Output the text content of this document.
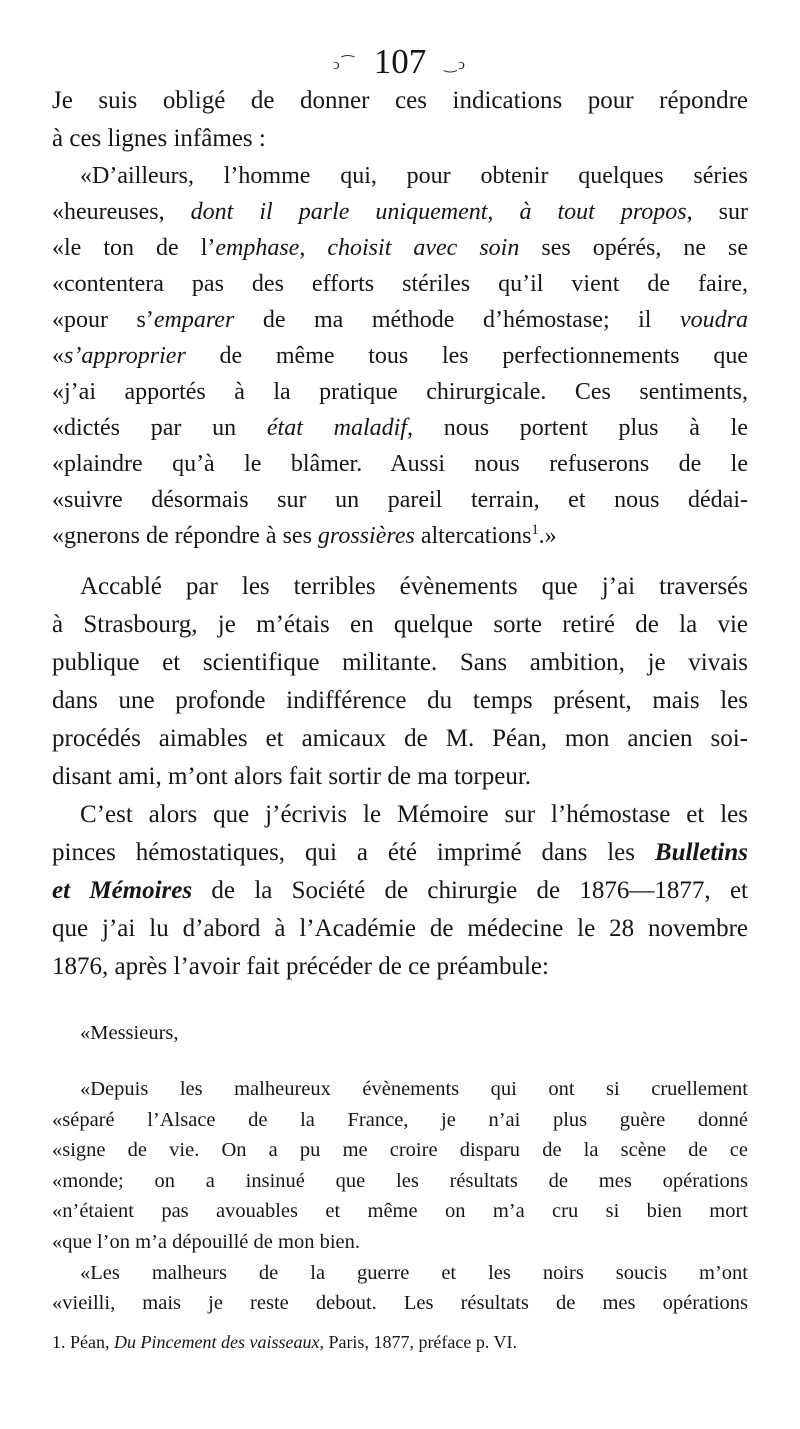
ↄ⁀ 107 ‿ↄ
Je suis obligé de donner ces indications pour répondre
à ces lignes infâmes :
«D’ailleurs, l’homme qui, pour obtenir quelques séries
«heureuses, dont il parle uniquement, à tout propos, sur
«le ton de l’emphase, choisit avec soin ses opérés, ne se
«contentera pas des efforts stériles qu’il vient de faire,
«pour s’emparer de ma méthode d’hémostase; il voudra
«s’approprier de même tous les perfectionnements que
«j’ai apportés à la pratique chirurgicale. Ces sentiments,
«dictés par un état maladif, nous portent plus à le
«plaindre qu’à le blâmer. Aussi nous refuserons de le
«suivre désormais sur un pareil terrain, et nous dédai-
«gnerons de répondre à ses grossières altercations$^1$.»
Accablé par les terribles évènements que j’ai traversés
à Strasbourg, je m’étais en quelque sorte retiré de la vie
publique et scientifique militante. Sans ambition, je vivais
dans une profonde indifférence du temps présent, mais les
procédés aimables et amicaux de M. Péan, mon ancien soi-
disant ami, m’ont alors fait sortir de ma torpeur.
C’est alors que j’écrivis le Mémoire sur l’hémostase et les
pinces hémostatiques, qui a été imprimé dans les Bulletins
et Mémoires de la Société de chirurgie de 1876—1877, et
que j’ai lu d’abord à l’Académie de médecine le 28 novembre
1876, après l’avoir fait précéder de ce préambule:
«Messieurs,
«Depuis les malheureux évènements qui ont si cruellement
«séparé l’Alsace de la France, je n’ai plus guère donné
«signe de vie. On a pu me croire disparu de la scène de ce
«monde; on a insinué que les résultats de mes opérations
«n’étaient pas avouables et même on m’a cru si bien mort
«que l’on m’a dépouillé de mon bien.
«Les malheurs de la guerre et les noirs soucis m’ont
«vieilli, mais je reste debout. Les résultats de mes opérations
1. Péan, Du Pincement des vaisseaux, Paris, 1877, préface p. VI.
